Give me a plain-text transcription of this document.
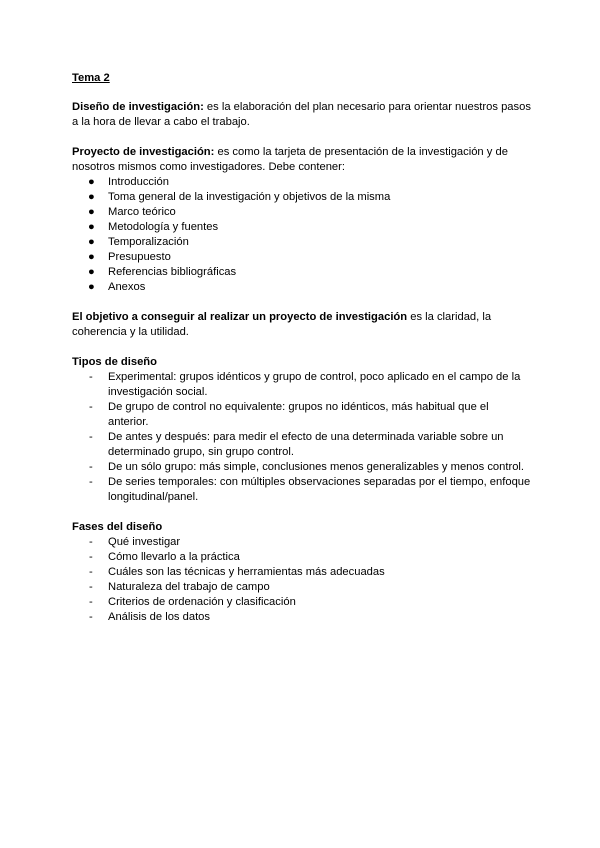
Tema 2

Diseño de investigación: es la elaboración del plan necesario para orientar nuestros pasos a la hora de llevar a cabo el trabajo.

Proyecto de investigación: es como la tarjeta de presentación de la investigación y de nosotros mismos como investigadores. Debe contener:

● Introducción
● Toma general de la investigación y objetivos de la misma
● Marco teórico
● Metodología y fuentes
● Temporalización
● Presupuesto
● Referencias bibliográficas
● Anexos

El objetivo a conseguir al realizar un proyecto de investigación es la claridad, la coherencia y la utilidad.

Tipos de diseño
- Experimental: grupos idénticos y grupo de control, poco aplicado en el campo de la investigación social.
- De grupo de control no equivalente: grupos no idénticos, más habitual que el anterior.
- De antes y después: para medir el efecto de una determinada variable sobre un determinado grupo, sin grupo control.
- De un sólo grupo: más simple, conclusiones menos generalizables y menos control.
- De series temporales: con múltiples observaciones separadas por el tiempo, enfoque longitudinal/panel.
Fases del diseño
- Qué investigar
- Cómo llevarlo a la práctica
- Cuáles son las técnicas y herramientas más adecuadas
- Naturaleza del trabajo de campo
- Criterios de ordenación y clasificación
- Análisis de los datos
